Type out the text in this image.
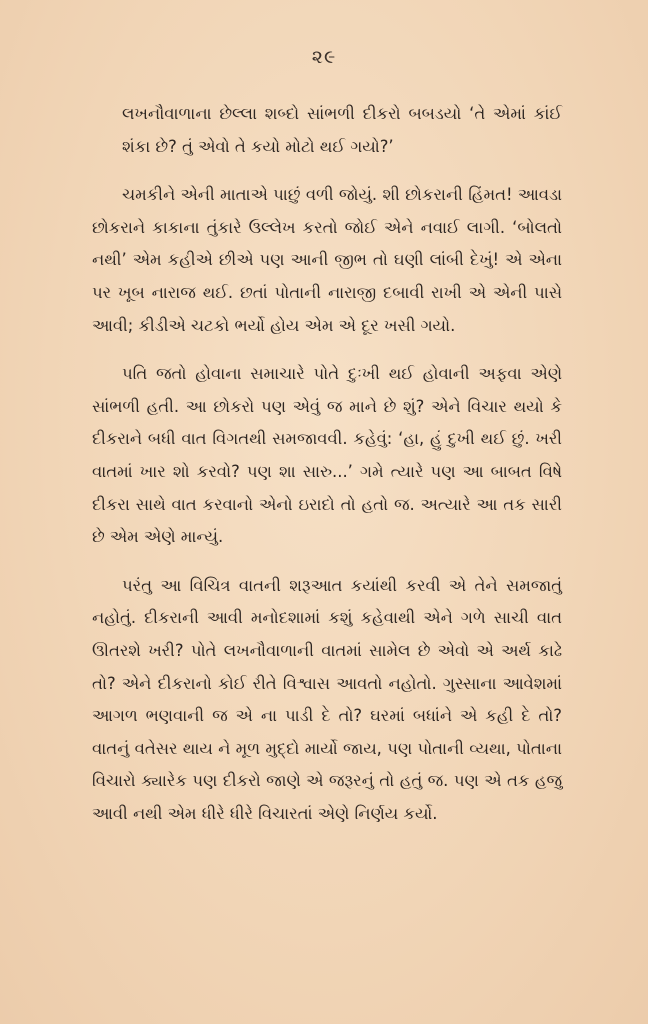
૨૯

લખનૌવાળાના છેલ્લા શબ્દો સાંભળી દીકરો બબડયો ‘તે એમાં કાંઈ શંકા છે? તું એવો તે કયો મોટો થઈ ગયો?’

ચમકીને એની માતાએ પાછું વળી જોયું. શી છોકરાની હિંમત! આવડા છોકરાને કાકાના તુંકારે ઉલ્લેખ કરતો જોઈ એને નવાઈ લાગી. ‘બોલતો નથી’ એમ કહીએ છીએ પણ આની જીભ તો ઘણી લાંબી દેખું! એ એના પર ખૂબ નારાજ થઈ. છતાં પોતાની નારાજી દબાવી રાખી એ એની પાસે આવી; કીડીએ ચટકો ભર્યો હોય એમ એ દૂર ખસી ગયો.

પતિ જતો હોવાના સમાચારે પોતે દુઃખી થઈ હોવાની અફવા એણે સાંભળી હતી. આ છોકરો પણ એવું જ માને છે શું? એને વિચાર થયો કે દીકરાને બધી વાત વિગતથી સમજાવવી. કહેવું: ‘હા, હું દુખી થઈ છું. ખરી વાતમાં ખાર શો કરવો? પણ શા સારુ...’ ગમે ત્યારે પણ આ બાબત વિષે દીકરા સાથે વાત કરવાનો એનો ઇરાદો તો હતો જ. અત્યારે આ તક સારી છે એમ એણે માન્યું.

પરંતુ આ વિચિત્ર વાતની શરૂઆત કયાંથી કરવી એ તેને સમજાતું નહોતું. દીકરાની આવી મનોદશામાં કશું કહેવાથી એને ગળે સાચી વાત ઊતરશે ખરી? પોતે લખનૌવાળાની વાતમાં સામેલ છે એવો એ અર્થ કાઢે તો? એને દીકરાનો કોઈ રીતે વિશ્વાસ આવતો નહોતો. ગુસ્સાના આવેશમાં આગળ ભણવાની જ એ ના પાડી દે તો? ઘરમાં બધાંને એ કહી દે તો? વાતનું વતેસર થાય ને મૂળ મુદ્દો માર્યો જાય, પણ પોતાની વ્યથા, પોતાના વિચારો ક્યારેક પણ દીકરો જાણે એ જરૂરનું તો હતું જ. પણ એ તક હજુ આવી નથી એમ ધીરે ધીરે વિચારતાં એણે નિર્ણય કર્યો.
